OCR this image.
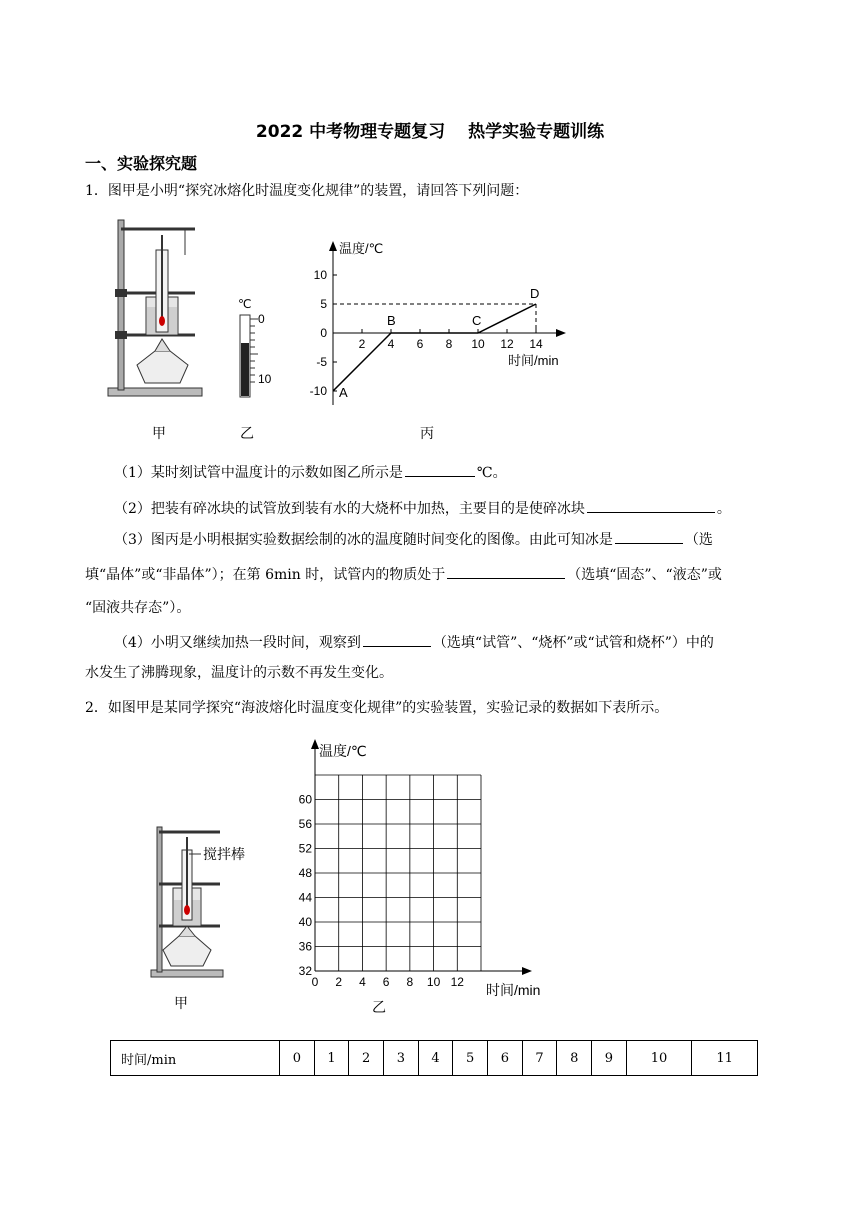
2022 中考物理专题复习　 热学实验专题训练
一、实验探究题
1．图甲是小明“探究冰熔化时温度变化规律”的装置，请回答下列问题：
甲
℃
0
10
乙
温度/℃
时间/min
10
5
0
-5
-10
2 4 6 8 10 12 14
A
B	C
D
丙
（1）某时刻试管中温度计的示数如图乙所示是	℃。
（2）把装有碎冰块的试管放到装有水的大烧杯中加热，主要目的是使碎冰块	。
（3）图丙是小明根据实验数据绘制的冰的温度随时间变化的图像。由此可知冰是	（选
填“晶体”或“非晶体”）；在第 6min 时，试管内的物质处于	（选填“固态”、“液态”或
“固液共存态”）。
（4）小明又继续加热一段时间，观察到	（选填“试管”、“烧杯”或“试管和烧杯”）中的
水发生了沸腾现象，温度计的示数不再发生变化。
2．如图甲是某同学探究“海波熔化时温度变化规律”的实验装置，实验记录的数据如下表所示。
搅拌棒
甲
温度/℃
时间/min
32
36
40
48
44
52
56
60
0 2 4 6 8 10 12
乙
时间/min	0	1	2	3	4	5	6	7	8	9	10	11
